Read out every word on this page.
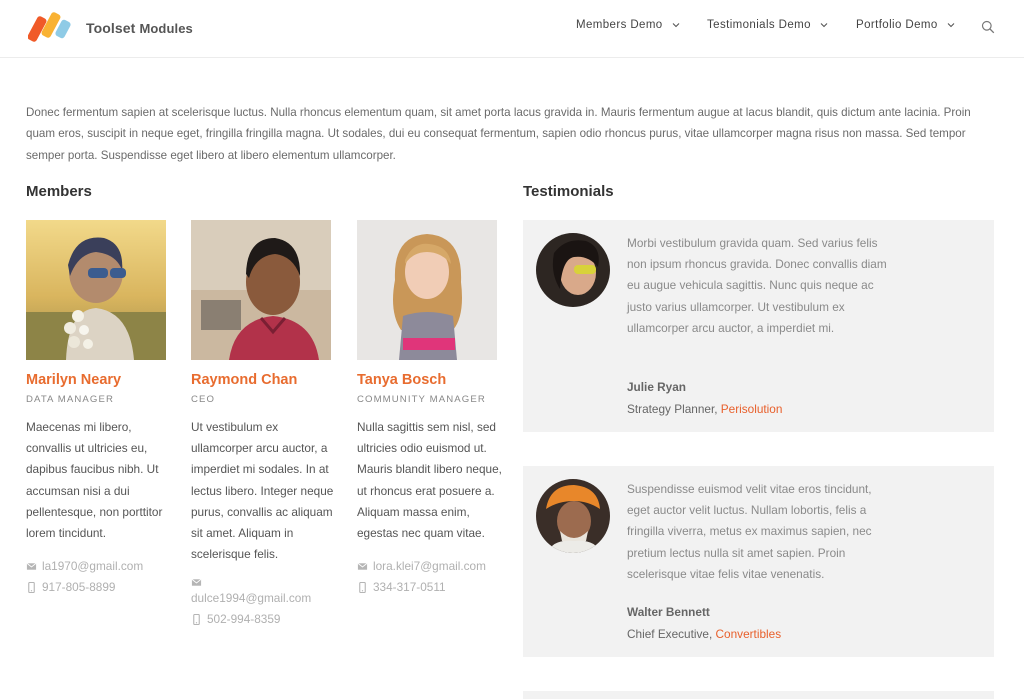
Toolset Modules	Members Demo	Testimonials Demo	Portfolio Demo

Donec fermentum sapien at scelerisque luctus. Nulla rhoncus elementum quam, sit amet porta lacus gravida in. Mauris fermentum augue at lacus blandit, quis dictum ante lacinia. Proin quam eros, suscipit in neque eget, fringilla fringilla magna. Ut sodales, dui eu consequat fermentum, sapien odio rhoncus purus, vitae ullamcorper magna risus non massa. Sed tempor semper porta. Suspendisse eget libero at libero elementum ullamcorper.

Members
Marilyn Neary
DATA MANAGER
Maecenas mi libero, convallis ut ultricies eu, dapibus faucibus nibh. Ut accumsan nisi a dui pellentesque, non porttitor lorem tincidunt.
la1970@gmail.com
917-805-8899
Raymond Chan
CEO
Ut vestibulum ex ullamcorper arcu auctor, a imperdiet mi sodales. In at lectus libero. Integer neque purus, convallis ac aliquam sit amet. Aliquam in scelerisque felis.
dulce1994@gmail.com
502-994-8359
Tanya Bosch
COMMUNITY MANAGER
Nulla sagittis sem nisl, sed ultricies odio euismod ut. Mauris blandit libero neque, ut rhoncus erat posuere a. Aliquam massa enim, egestas nec quam vitae.
lora.klei7@gmail.com
334-317-0511
Testimonials
Morbi vestibulum gravida quam. Sed varius felis non ipsum rhoncus gravida. Donec convallis diam eu augue vehicula sagittis. Nunc quis neque ac justo varius ullamcorper. Ut vestibulum ex ullamcorper arcu auctor, a imperdiet mi.
Julie Ryan
Strategy Planner, Perisolution
Suspendisse euismod velit vitae eros tincidunt, eget auctor velit luctus. Nullam lobortis, felis a fringilla viverra, metus ex maximus sapien, nec pretium lectus nulla sit amet sapien. Proin scelerisque vitae felis vitae venenatis.
Walter Bennett
Chief Executive, Convertibles
